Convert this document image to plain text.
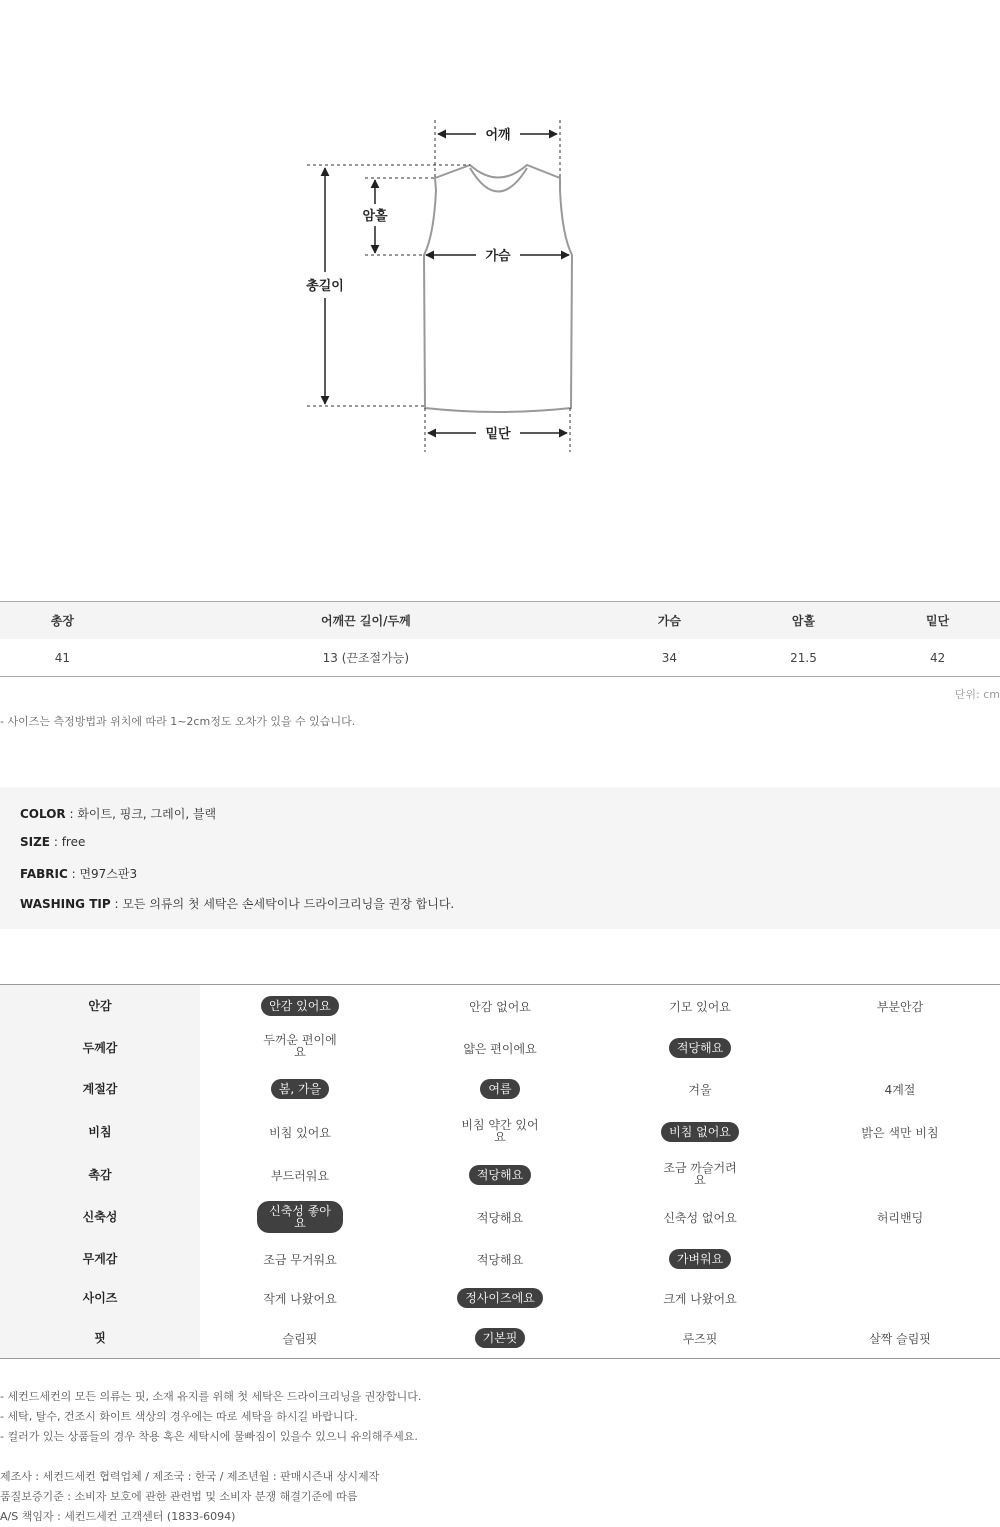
어깨
암홀
가슴
총길이
밑단
총장	어깨끈 길이/두께	가슴	암홀	밑단
41	13 (끈조절가능)	34	21.5	42
단위: cm
- 사이즈는 측정방법과 위치에 따라 1~2cm정도 오차가 있을 수 있습니다.
COLOR : 화이트, 핑크, 그레이, 블랙
SIZE : free
FABRIC : 면97스판3
WASHING TIP : 모든 의류의 첫 세탁은 손세탁이나 드라이크리닝을 권장 합니다.
안감	안감 있어요	안감 없어요	기모 있어요	부분안감
두께감	두꺼운 편이에요	얇은 편이에요	적당해요	
계절감	봄, 가을	여름	겨울	4계절
비침	비침 있어요	비침 약간 있어요	비침 없어요	밝은 색만 비침
촉감	부드러워요	적당해요	조금 까슬거려요	
신축성	신축성 좋아요	적당해요	신축성 없어요	허리밴딩
무게감	조금 무거워요	적당해요	가벼워요	
사이즈	작게 나왔어요	정사이즈에요	크게 나왔어요	
핏	슬림핏	기본핏	루즈핏	살짝 슬림핏
- 세컨드세컨의 모든 의류는 핏, 소재 유지를 위해 첫 세탁은 드라이크리닝을 권장합니다.
- 세탁, 탈수, 건조시 화이트 색상의 경우에는 따로 세탁을 하시길 바랍니다.
- 컬러가 있는 상품들의 경우 착용 혹은 세탁시에 물빠짐이 있을수 있으니 유의해주세요.
제조사 : 세컨드세컨 협력업체 / 제조국 : 한국 / 제조년월 : 판매시즌내 상시제작
품질보증기준 : 소비자 보호에 관한 관련법 및 소비자 분쟁 해결기준에 따름
A/S 책임자 : 세컨드세컨 고객센터 (1833-6094)
